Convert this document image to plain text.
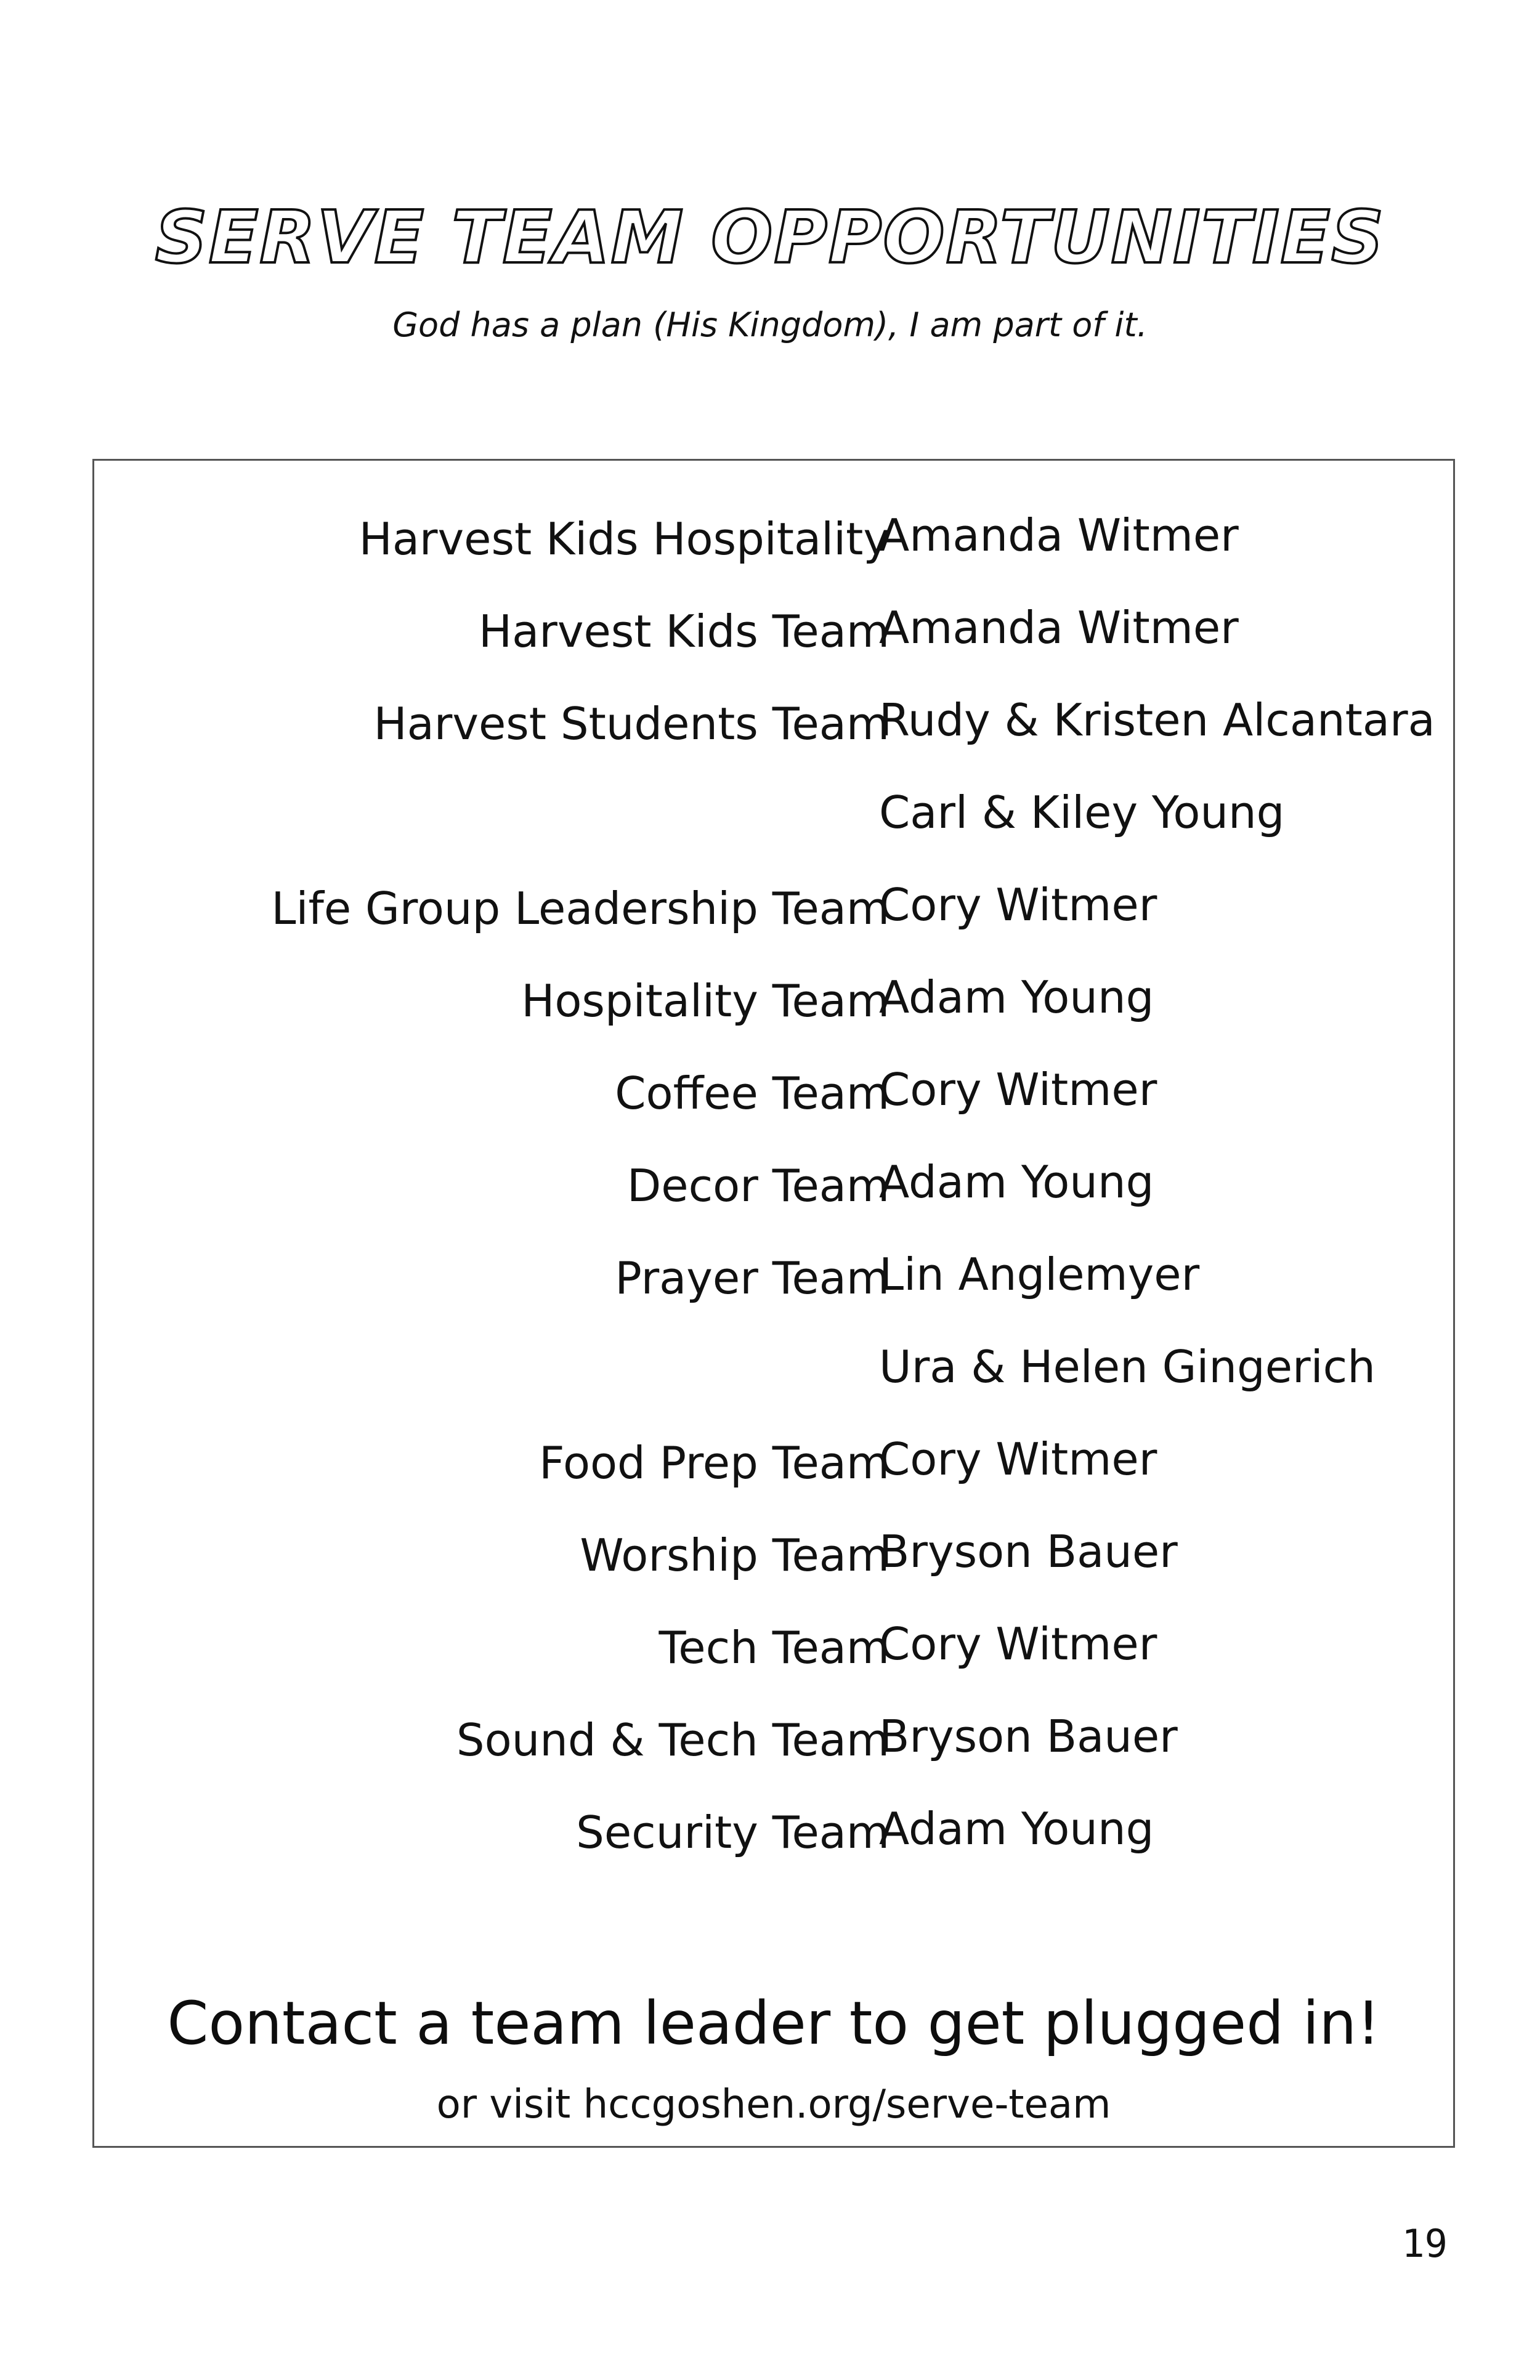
SERVE TEAM OPPORTUNITIES
God has a plan (His Kingdom), I am part of it.
Harvest Kids Hospitality
Amanda Witmer
Harvest Kids Team
Amanda Witmer
Harvest Students Team
Rudy & Kristen Alcantara
Carl & Kiley Young
Life Group Leadership Team
Cory Witmer
Hospitality Team
Adam Young
Coffee Team
Cory Witmer
Decor Team
Adam Young
Prayer Team
Lin Anglemyer
Ura & Helen Gingerich
Food Prep Team
Cory Witmer
Worship Team
Bryson Bauer
Tech Team
Cory Witmer
Sound & Tech Team
Bryson Bauer
Security Team
Adam Young
Contact a team leader to get plugged in!
or visit hccgoshen.org/serve-team
19
